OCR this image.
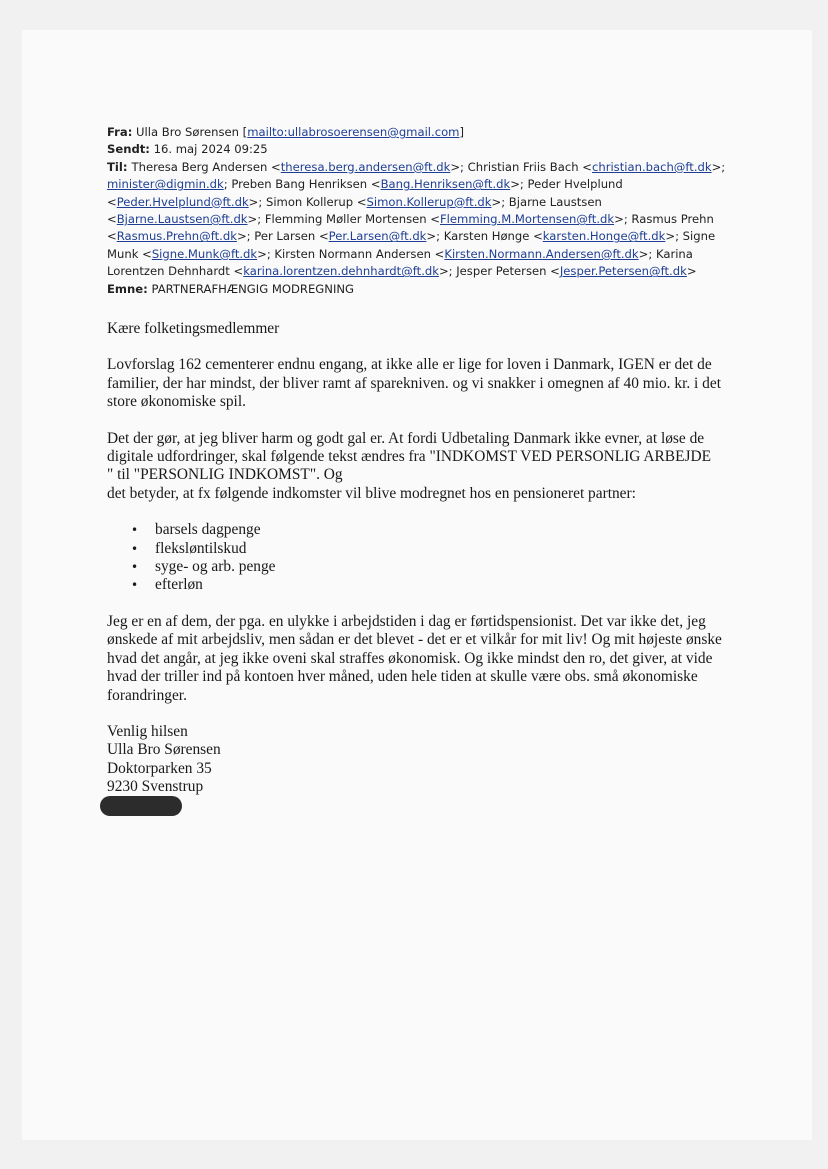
Fra: Ulla Bro Sørensen [mailto:ullabrosoerensen@gmail.com]
Sendt: 16. maj 2024 09:25
Til: Theresa Berg Andersen <theresa.berg.andersen@ft.dk>; Christian Friis Bach <christian.bach@ft.dk>;
minister@digmin.dk; Preben Bang Henriksen <Bang.Henriksen@ft.dk>; Peder Hvelplund
<Peder.Hvelplund@ft.dk>; Simon Kollerup <Simon.Kollerup@ft.dk>; Bjarne Laustsen
<Bjarne.Laustsen@ft.dk>; Flemming Møller Mortensen <Flemming.M.Mortensen@ft.dk>; Rasmus Prehn
<Rasmus.Prehn@ft.dk>; Per Larsen <Per.Larsen@ft.dk>; Karsten Hønge <karsten.Honge@ft.dk>; Signe
Munk <Signe.Munk@ft.dk>; Kirsten Normann Andersen <Kirsten.Normann.Andersen@ft.dk>; Karina
Lorentzen Dehnhardt <karina.lorentzen.dehnhardt@ft.dk>; Jesper Petersen <Jesper.Petersen@ft.dk>
Emne: PARTNERAFHÆNGIG MODREGNING

Kære folketingsmedlemmer

Lovforslag 162 cementerer endnu engang, at ikke alle er lige for loven i Danmark, IGEN er det de
familier, der har mindst, der bliver ramt af sparekniven. og vi snakker i omegnen af 40 mio. kr. i det
store økonomiske spil.
Det der gør, at jeg bliver harm og godt gal er. At fordi Udbetaling Danmark ikke evner, at løse de
digitale udfordringer, skal følgende tekst ændres fra "INDKOMST VED PERSONLIG ARBEJDE
" til "PERSONLIG INDKOMST". Og
det betyder, at fx følgende indkomster vil blive modregnet hos en pensioneret partner:
• barsels dagpenge
• fleksløntilskud
• syge- og arb. penge
• efterløn
Jeg er en af dem, der pga. en ulykke i arbejdstiden i dag er førtidspensionist. Det var ikke det, jeg
ønskede af mit arbejdsliv, men sådan er det blevet - det er et vilkår for mit liv! Og mit højeste ønske
hvad det angår, at jeg ikke oveni skal straffes økonomisk. Og ikke mindst den ro, det giver, at vide
hvad der triller ind på kontoen hver måned, uden hele tiden at skulle være obs. små økonomiske
forandringer.

Venlig hilsen

Ulla Bro Sørensen
Doktorparken 35
9230 Svenstrup
